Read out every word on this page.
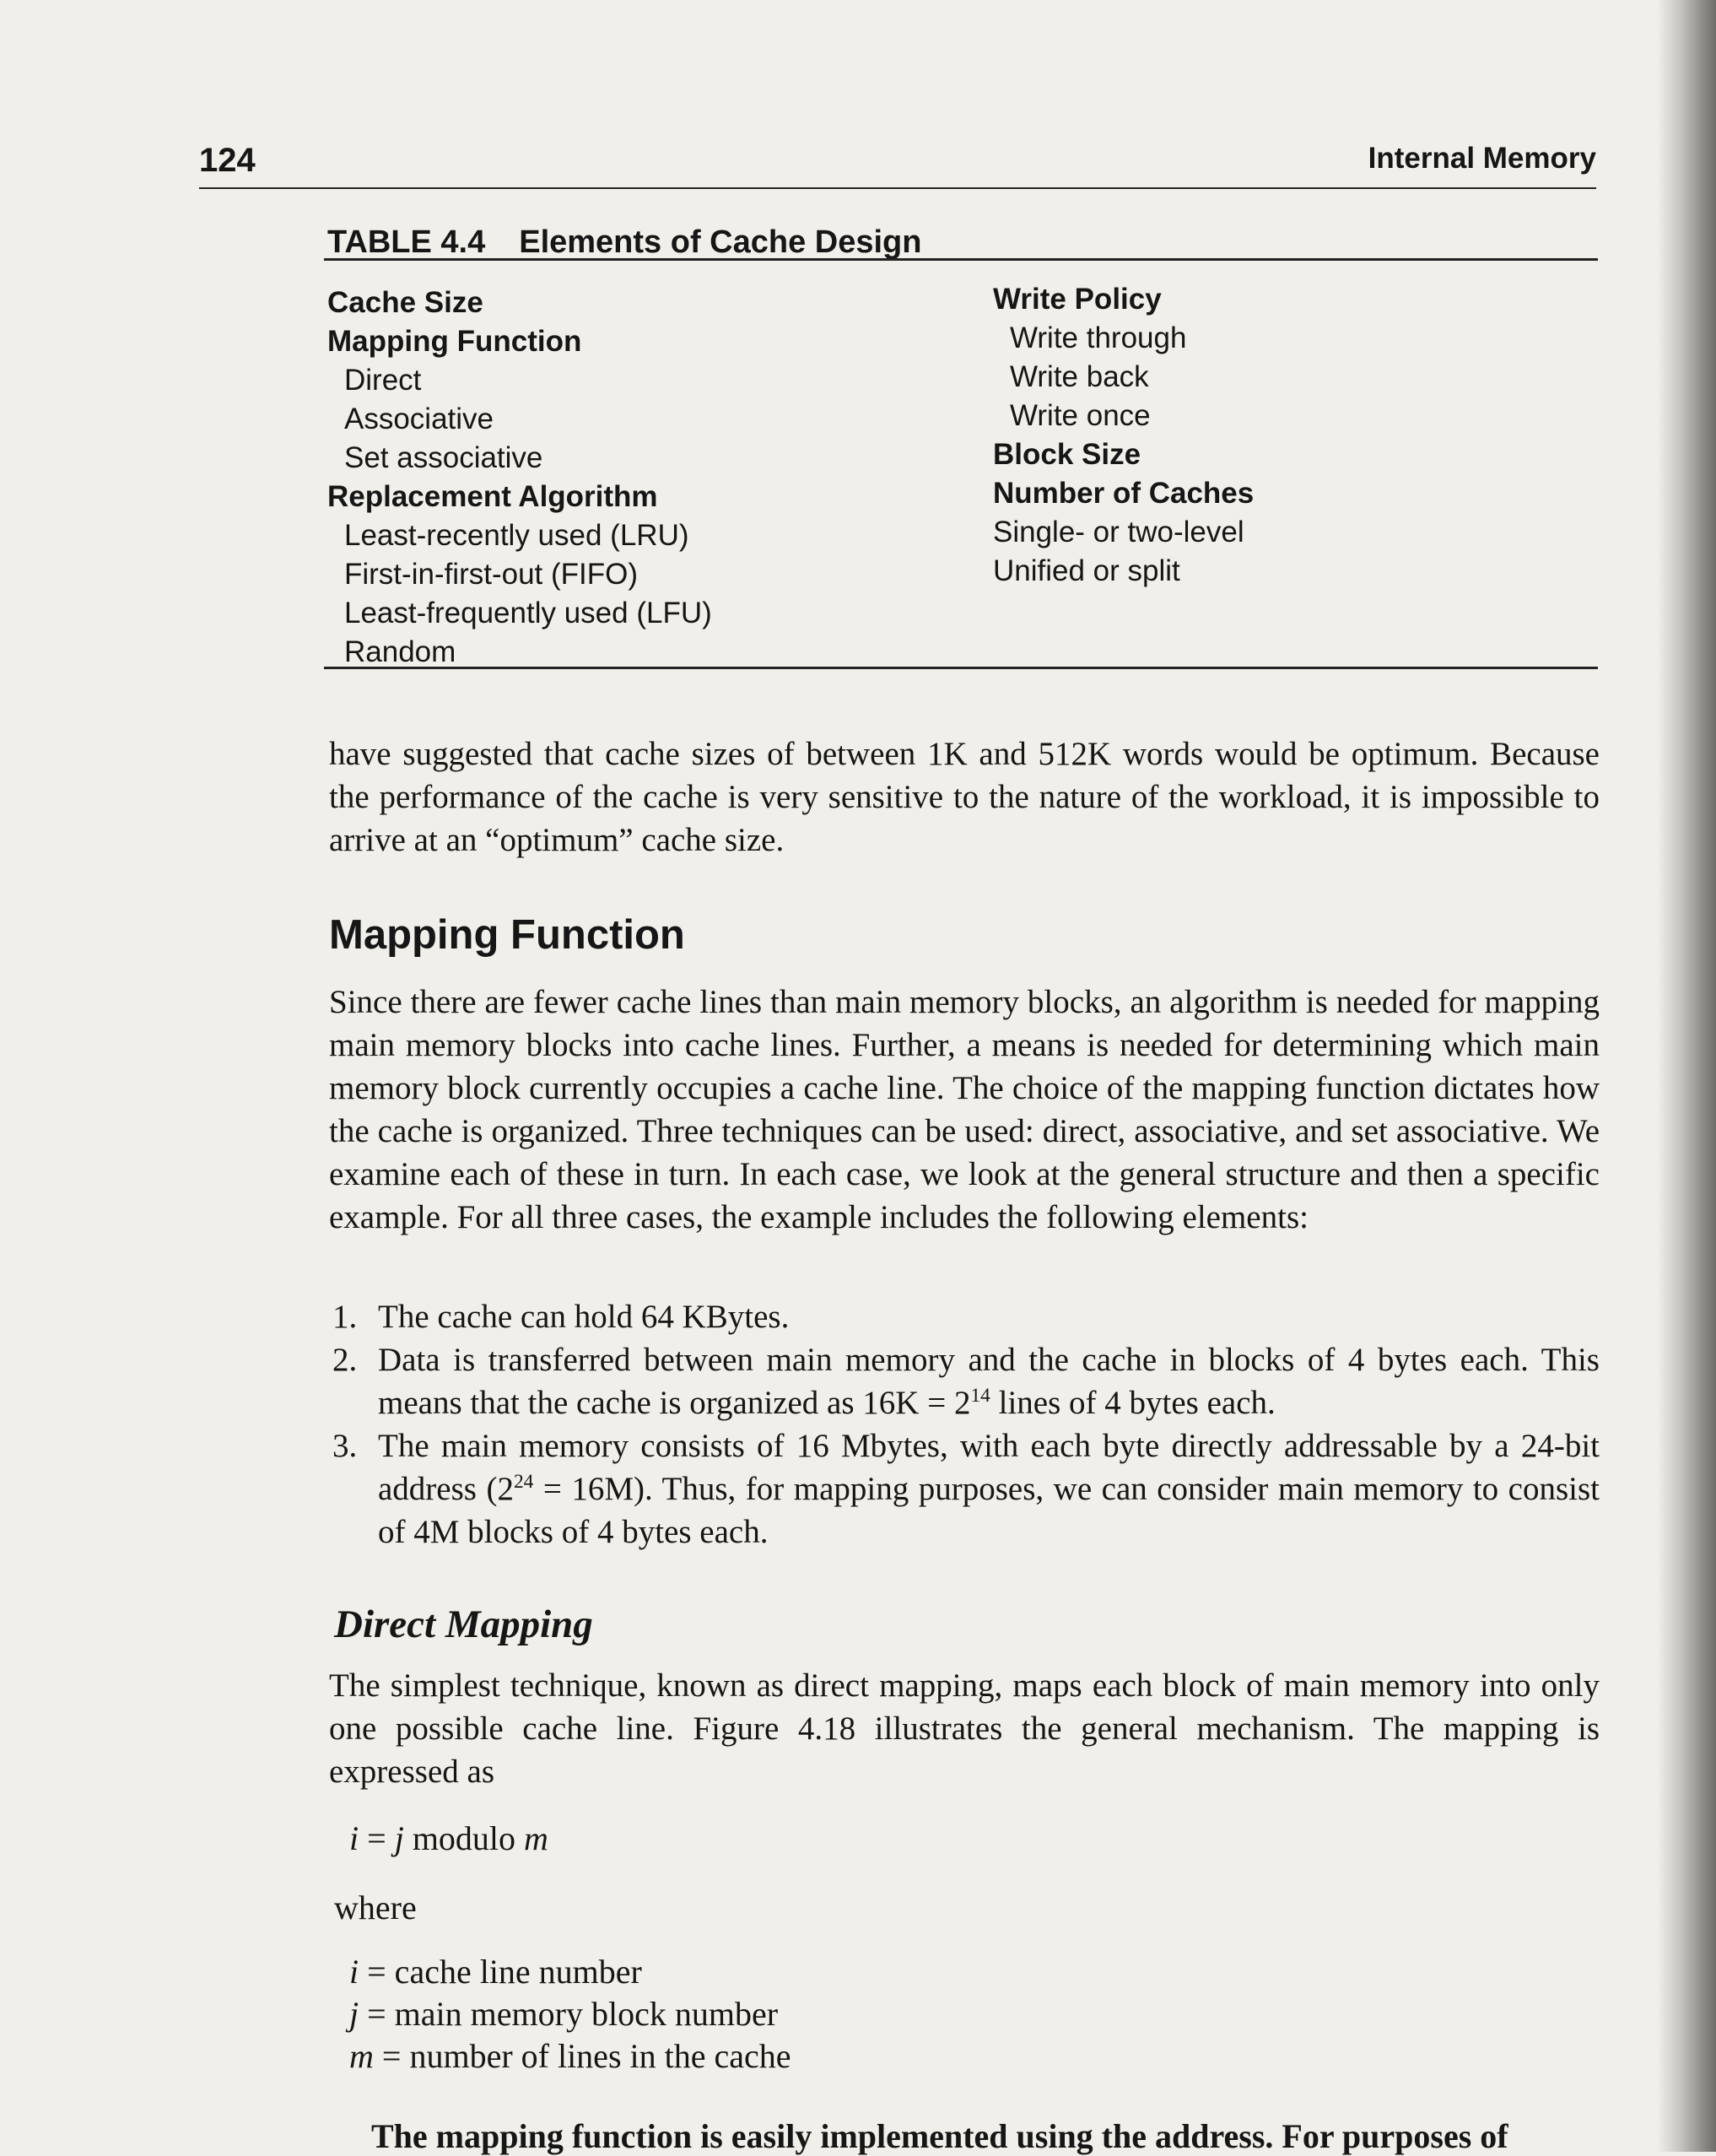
124	Internal Memory
TABLE 4.4 Elements of Cache Design
Cache Size
Mapping Function
Direct
Associative
Set associative
Replacement Algorithm
Least-recently used (LRU)
First-in-first-out (FIFO)
Least-frequently used (LFU)
Random
Write Policy
Write through
Write back
Write once
Block Size
Number of Caches
Single- or two-level
Unified or split
have suggested that cache sizes of between 1K and 512K words would be optimum. Because the performance of the cache is very sensitive to the nature of the workload, it is impossible to arrive at an “optimum” cache size.
Mapping Function
Since there are fewer cache lines than main memory blocks, an algorithm is needed for mapping main memory blocks into cache lines. Further, a means is needed for determining which main memory block currently occupies a cache line. The choice of the mapping function dictates how the cache is organized. Three techniques can be used: direct, associative, and set associative. We examine each of these in turn. In each case, we look at the general structure and then a specific example. For all three cases, the example includes the following elements:
1. The cache can hold 64 KBytes.
2. Data is transferred between main memory and the cache in blocks of 4 bytes each. This means that the cache is organized as $16K = 2^{14}$ lines of 4 bytes each.
3. The main memory consists of 16 Mbytes, with each byte directly addressable by a 24-bit address $(2^{24} = 16M)$. Thus, for mapping purposes, we can consider main memory to consist of 4M blocks of 4 bytes each.
Direct Mapping
The simplest technique, known as direct mapping, maps each block of main memory into only one possible cache line. Figure 4.18 illustrates the general mechanism. The mapping is expressed as
i = j modulo m
where
i = cache line number
j = main memory block number
m = number of lines in the cache
The mapping function is easily implemented using the address. For purposes of
